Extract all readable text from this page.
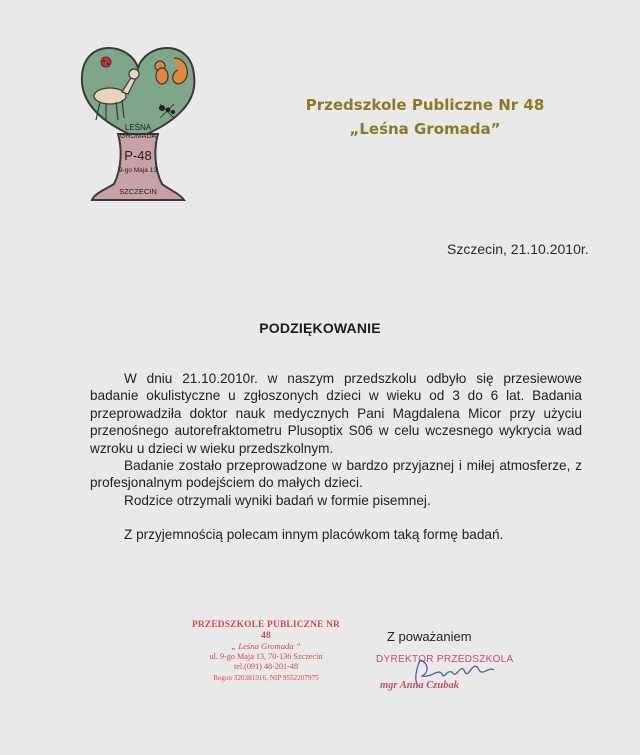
LEŚNA
GROMADA
P-48
9-go Maja 13
SZCZECIN
Przedszkole Publiczne Nr 48
„Leśna Gromada”
Szczecin, 21.10.2010r.
PODZIĘKOWANIE

W dniu 21.10.2010r. w naszym przedszkolu odbyło się przesiewowe badanie okulistyczne u zgłoszonych dzieci w wieku od 3 do 6 lat. Badania przeprowadziła doktor nauk medycznych Pani Magdalena Micor przy użyciu przenośnego autorefraktometru Plusoptix S06 w celu wczesnego wykrycia wad wzroku u dzieci w wieku przedszkolnym.

Badanie zostało przeprowadzone w bardzo przyjaznej i miłej atmosferze, z profesjonalnym podejściem do małych dzieci.

Rodzice otrzymali wyniki badań w formie pisemnej.

Z przyjemnością polecam innym placówkom taką formę badań.

PRZEDSZKOLE PUBLICZNE NR 48
„ Leśna Gromada ”
ul. 9-go Maja 13, 70-136 Szczecin
tel.(091) 48-201-48
Regon 320381916, NIP 9552207975
Z poważaniem
DYREKTOR PRZEDSZKOLA
mgr Anna Czubak
